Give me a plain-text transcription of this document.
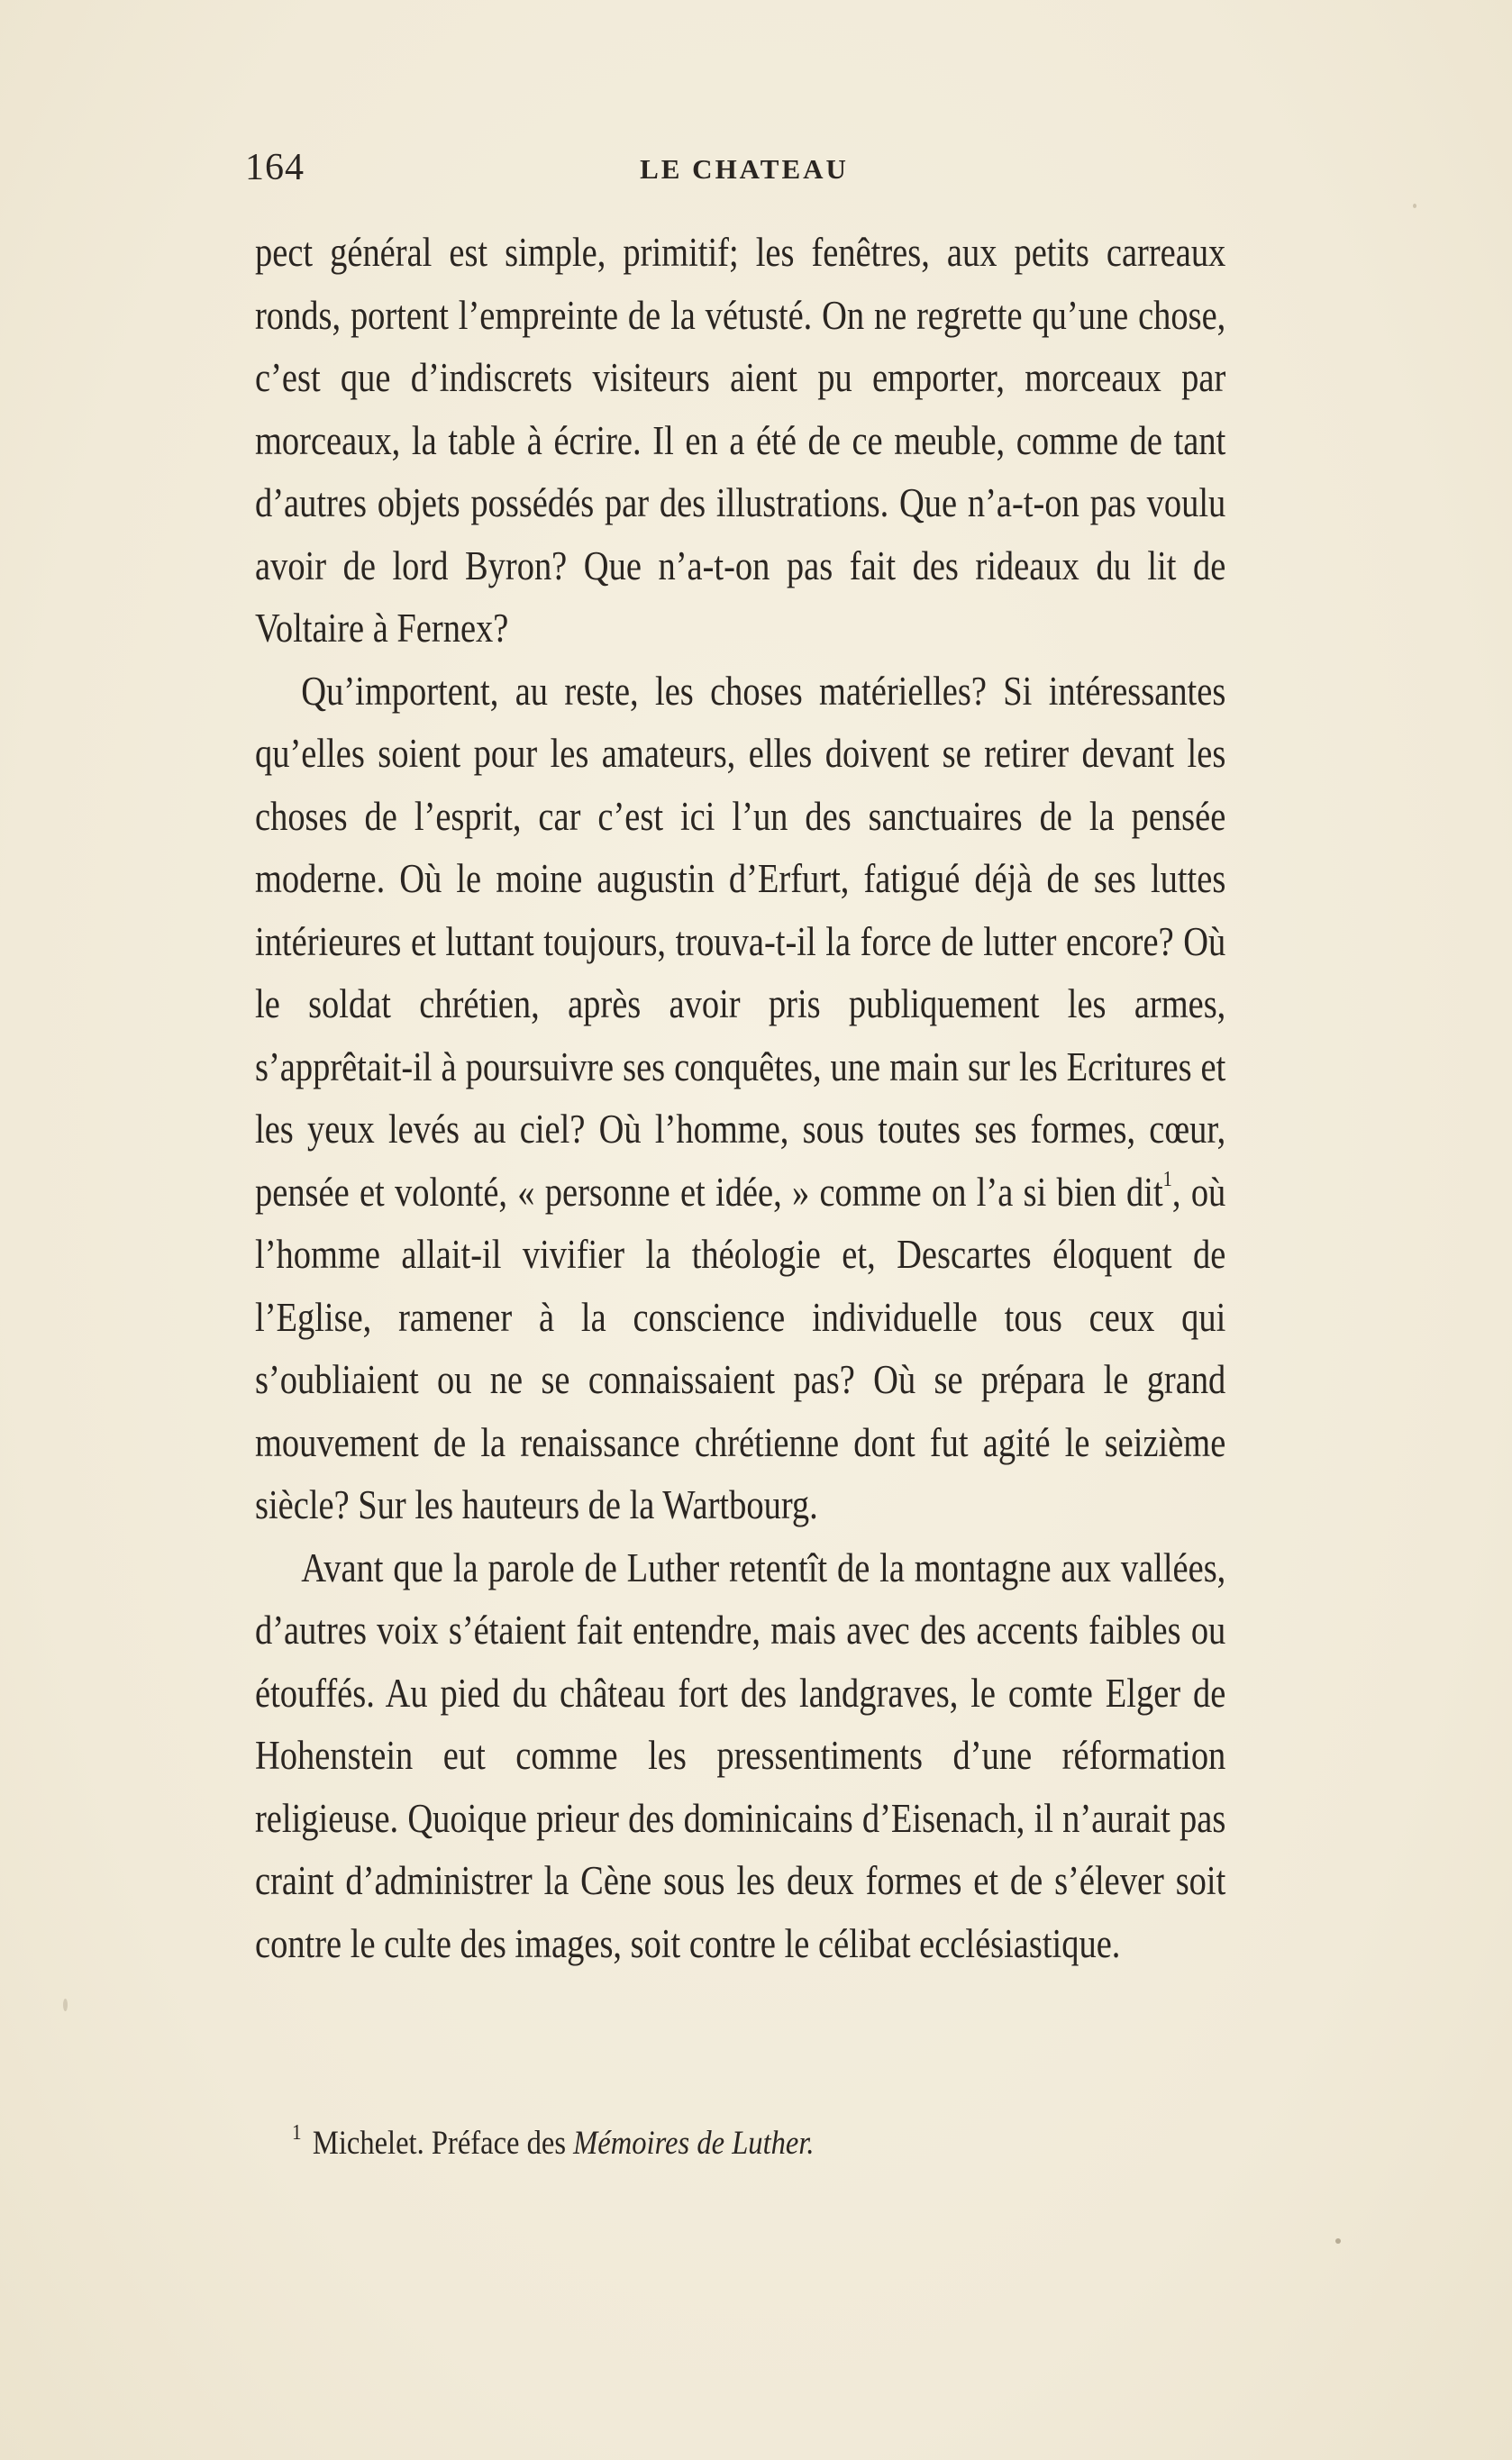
164	LE CHATEAU

pect général est simple, primitif; les fenêtres, aux petits carreaux ronds, portent l’empreinte de la vétusté. On ne regrette qu’une chose, c’est que d’indiscrets visiteurs aient pu emporter, morceaux par morceaux, la table à écrire. Il en a été de ce meuble, comme de tant d’autres objets possédés par des illustrations. Que n’a-t-on pas voulu avoir de lord Byron? Que n’a-t-on pas fait des rideaux du lit de Voltaire à Fernex?

Qu’importent, au reste, les choses matérielles? Si intéressantes qu’elles soient pour les amateurs, elles doivent se retirer devant les choses de l’esprit, car c’est ici l’un des sanctuaires de la pensée moderne. Où le moine augustin d’Erfurt, fatigué déjà de ses luttes intérieures et luttant toujours, trouva-t-il la force de lutter encore? Où le soldat chrétien, après avoir pris publiquement les armes, s’apprêtait-il à poursuivre ses conquêtes, une main sur les Ecritures et les yeux levés au ciel? Où l’homme, sous toutes ses formes, cœur, pensée et volonté, « personne et idée, » comme on l’a si bien dit$^1$, où l’homme allait-il vivifier la théologie et, Descartes éloquent de l’Eglise, ramener à la conscience individuelle tous ceux qui s’oubliaient ou ne se connaissaient pas? Où se prépara le grand mouvement de la renaissance chrétienne dont fut agité le seizième siècle? Sur les hauteurs de la Wartbourg.

Avant que la parole de Luther retentît de la montagne aux vallées, d’autres voix s’étaient fait entendre, mais avec des accents faibles ou étouffés. Au pied du château fort des landgraves, le comte Elger de Hohenstein eut comme les pressentiments d’une réformation religieuse. Quoique prieur des dominicains d’Eisenach, il n’aurait pas craint d’administrer la Cène sous les deux formes et de s’élever soit contre le culte des images, soit contre le célibat ecclésiastique.

$^1$ Michelet. Préface des Mémoires de Luther.
